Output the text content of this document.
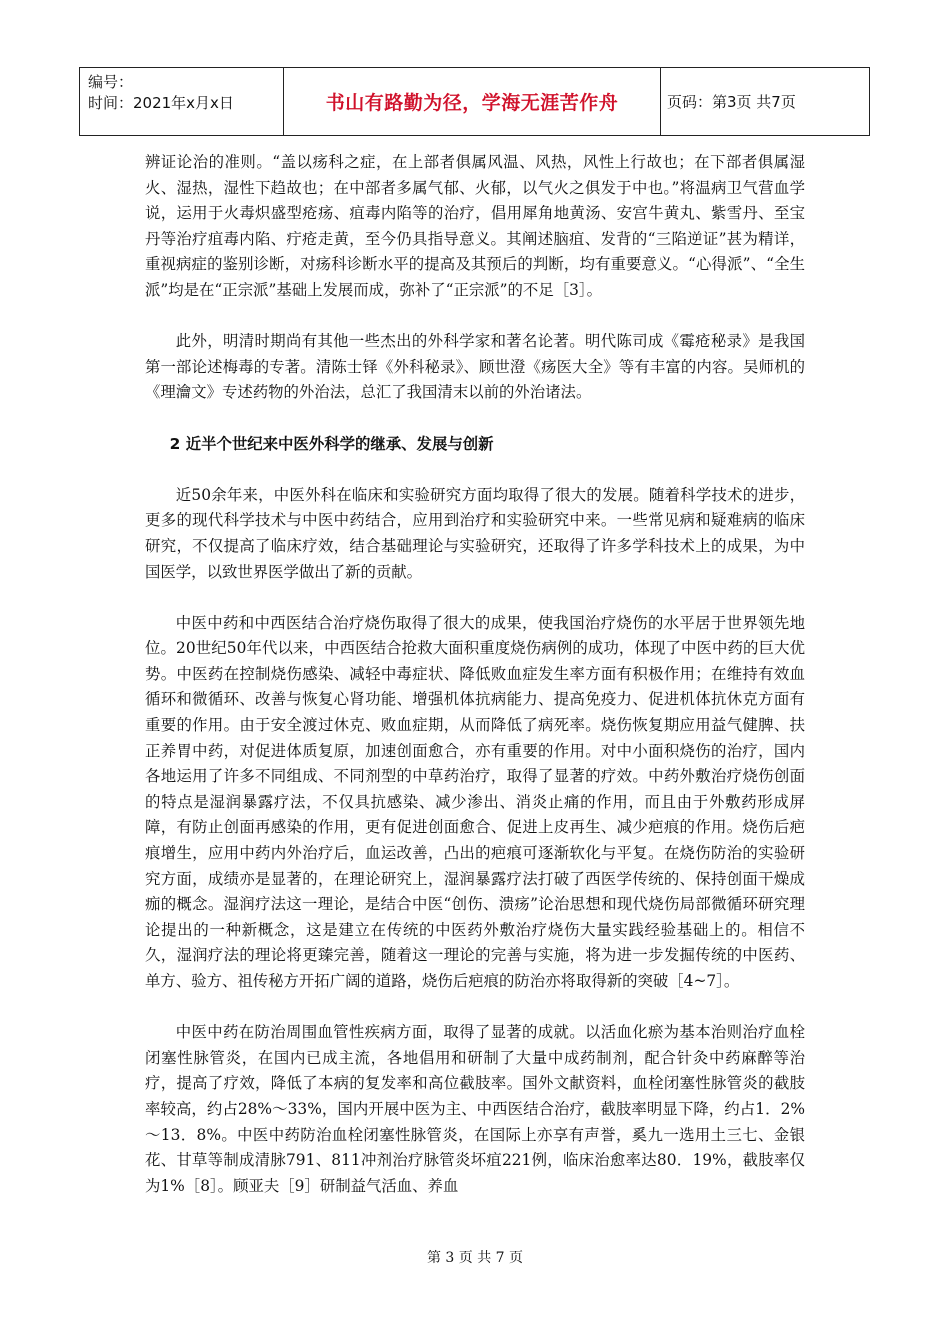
编号：
时间：2021年x月x日	书山有路勤为径，学海无涯苦作舟	页码：第3页 共7页

辨证论治的准则。“盖以疡科之症，在上部者俱属风温、风热，风性上行故也；在下部者俱属湿火、湿热，湿性下趋故也；在中部者多属气郁、火郁，以气火之俱发于中也。”将温病卫气营血学说，运用于火毒炽盛型疮疡、疽毒内陷等的治疗，倡用犀角地黄汤、安宫牛黄丸、紫雪丹、至宝丹等治疗疽毒内陷、疔疮走黄，至今仍具指导意义。其阐述脑疽、发背的“三陷逆证”甚为精详，重视病症的鉴别诊断，对疡科诊断水平的提高及其预后的判断，均有重要意义。“心得派”、“全生派”均是在“正宗派”基础上发展而成，弥补了“正宗派”的不足［3］。

此外，明清时期尚有其他一些杰出的外科学家和著名论著。明代陈司成《霉疮秘录》是我国第一部论述梅毒的专著。清陈士铎《外科秘录》、顾世澄《疡医大全》等有丰富的内容。吴师机的《理瀹文》专述药物的外治法，总汇了我国清末以前的外治诸法。

2 近半个世纪来中医外科学的继承、发展与创新

近50余年来，中医外科在临床和实验研究方面均取得了很大的发展。随着科学技术的进步，更多的现代科学技术与中医中药结合，应用到治疗和实验研究中来。一些常见病和疑难病的临床研究，不仅提高了临床疗效，结合基础理论与实验研究，还取得了许多学科技术上的成果，为中国医学，以致世界医学做出了新的贡献。

中医中药和中西医结合治疗烧伤取得了很大的成果，使我国治疗烧伤的水平居于世界领先地位。20世纪50年代以来，中西医结合抢救大面积重度烧伤病例的成功，体现了中医中药的巨大优势。中医药在控制烧伤感染、减轻中毒症状、降低败血症发生率方面有积极作用；在维持有效血循环和微循环、改善与恢复心肾功能、增强机体抗病能力、提高免疫力、促进机体抗休克方面有重要的作用。由于安全渡过休克、败血症期，从而降低了病死率。烧伤恢复期应用益气健脾、扶正养胃中药，对促进体质复原，加速创面愈合，亦有重要的作用。对中小面积烧伤的治疗，国内各地运用了许多不同组成、不同剂型的中草药治疗，取得了显著的疗效。中药外敷治疗烧伤创面的特点是湿润暴露疗法，不仅具抗感染、减少渗出、消炎止痛的作用，而且由于外敷药形成屏障，有防止创面再感染的作用，更有促进创面愈合、促进上皮再生、减少疤痕的作用。烧伤后疤痕增生，应用中药内外治疗后，血运改善，凸出的疤痕可逐渐软化与平复。在烧伤防治的实验研究方面，成绩亦是显著的，在理论研究上，湿润暴露疗法打破了西医学传统的、保持创面干燥成痂的概念。湿润疗法这一理论，是结合中医“创伤、溃疡”论治思想和现代烧伤局部微循环研究理论提出的一种新概念，这是建立在传统的中医药外敷治疗烧伤大量实践经验基础上的。相信不久，湿润疗法的理论将更臻完善，随着这一理论的完善与实施，将为进一步发掘传统的中医药、单方、验方、祖传秘方开拓广阔的道路，烧伤后疤痕的防治亦将取得新的突破［4~7］。

中医中药在防治周围血管性疾病方面，取得了显著的成就。以活血化瘀为基本治则治疗血栓闭塞性脉管炎，在国内已成主流，各地倡用和研制了大量中成药制剂，配合针灸中药麻醉等治疗，提高了疗效，降低了本病的复发率和高位截肢率。国外文献资料，血栓闭塞性脉管炎的截肢率较高，约占28%～33%，国内开展中医为主、中西医结合治疗，截肢率明显下降，约占1．2%～13．8%。中医中药防治血栓闭塞性脉管炎，在国际上亦享有声誉，奚九一选用土三七、金银花、甘草等制成清脉791、811冲剂治疗脉管炎坏疽221例，临床治愈率达80．19%，截肢率仅为1%［8］。顾亚夫［9］研制益气活血、养血

第 3 页 共 7 页
